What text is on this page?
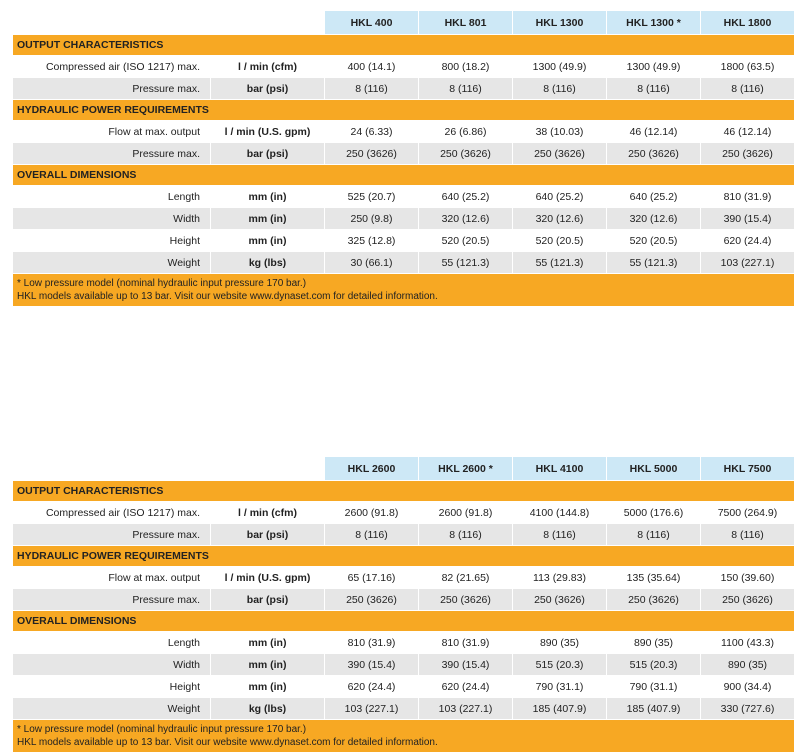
		HKL 400	HKL 801	HKL 1300	HKL 1300 *	HKL 1800
OUTPUT CHARACTERISTICS						
Compressed air (ISO 1217) max.	l / min (cfm)	400 (14.1)	800 (18.2)	1300 (49.9)	1300 (49.9)	1800 (63.5)
Pressure max.	bar (psi)	8 (116)	8 (116)	8 (116)	8 (116)	8 (116)
HYDRAULIC POWER REQUIREMENTS						
Flow at max. output	l / min (U.S. gpm)	24 (6.33)	26 (6.86)	38 (10.03)	46 (12.14)	46 (12.14)
Pressure max.	bar (psi)	250 (3626)	250 (3626)	250 (3626)	250 (3626)	250 (3626)
OVERALL DIMENSIONS						
Length	mm (in)	525 (20.7)	640 (25.2)	640 (25.2)	640 (25.2)	810 (31.9)
Width	mm (in)	250 (9.8)	320 (12.6)	320 (12.6)	320 (12.6)	390 (15.4)
Height	mm (in)	325 (12.8)	520 (20.5)	520 (20.5)	520 (20.5)	620 (24.4)
Weight	kg (lbs)	30 (66.1)	55 (121.3)	55 (121.3)	55 (121.3)	103 (227.1)

* Low pressure model (nominal hydraulic input pressure 170 bar.)
HKL models available up to 13 bar. Visit our website www.dynaset.com for detailed information.						
		HKL 2600	HKL 2600 *	HKL 4100	HKL 5000	HKL 7500
OUTPUT CHARACTERISTICS						
Compressed air (ISO 1217) max.	l / min (cfm)	2600 (91.8)	2600 (91.8)	4100 (144.8)	5000 (176.6)	7500 (264.9)
Pressure max.	bar (psi)	8 (116)	8 (116)	8 (116)	8 (116)	8 (116)
HYDRAULIC POWER REQUIREMENTS						
Flow at max. output	l / min (U.S. gpm)	65 (17.16)	82 (21.65)	113 (29.83)	135 (35.64)	150 (39.60)
Pressure max.	bar (psi)	250 (3626)	250 (3626)	250 (3626)	250 (3626)	250 (3626)
OVERALL DIMENSIONS						
Length	mm (in)	810 (31.9)	810 (31.9)	890 (35)	890 (35)	1100 (43.3)
Width	mm (in)	390 (15.4)	390 (15.4)	515 (20.3)	515 (20.3)	890 (35)
Height	mm (in)	620 (24.4)	620 (24.4)	790 (31.1)	790 (31.1)	900 (34.4)
Weight	kg (lbs)	103 (227.1)	103 (227.1)	185 (407.9)	185 (407.9)	330 (727.6)

* Low pressure model (nominal hydraulic input pressure 170 bar.)
HKL models available up to 13 bar. Visit our website www.dynaset.com for detailed information.						
